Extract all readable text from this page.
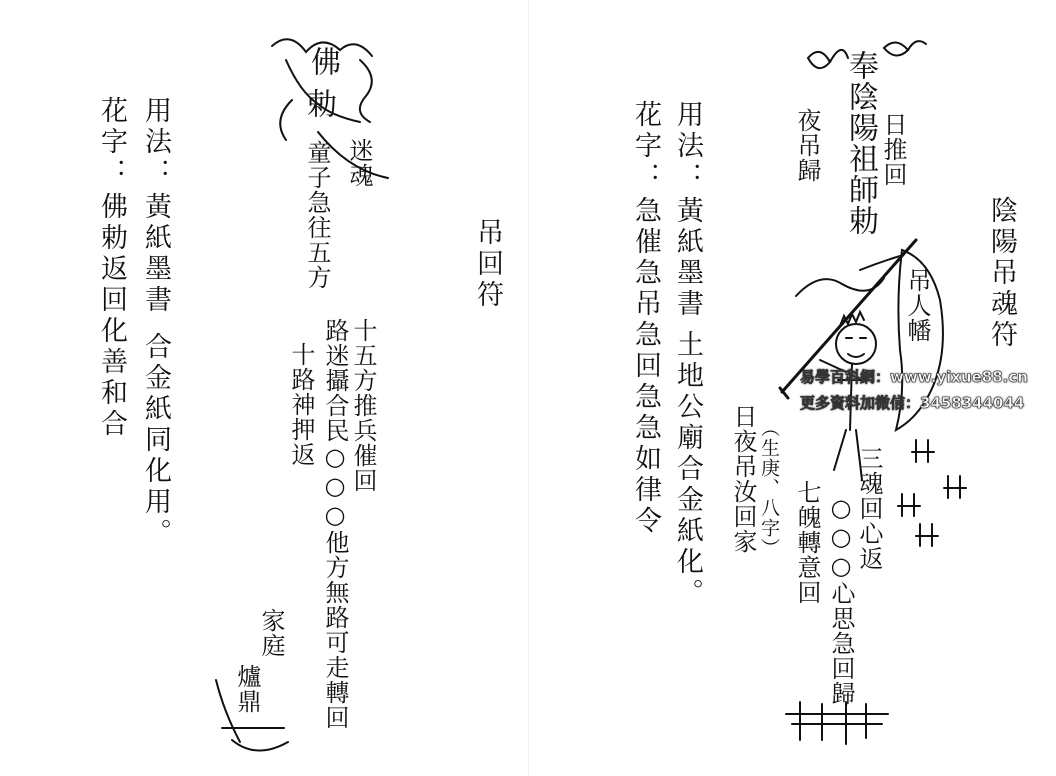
花字：
佛勅返回化善和合
用法：
黃紙墨書
合金紙同化用。
吊回符
佛
勅
迷魂
童子急往五方
路迷攝合民○○○他方無路可走轉回 十五方推兵催回
十路神押返
家庭
爐鼎
花字：
急催急吊急回急急如律令
用法：
黃紙墨書
土地公廟合金紙化。
陰陽吊魂符
奉陰陽祖師勅 日推回
夜吊歸
吊人幡
三魂回心返
七魄轉意回 ○○○心思急回歸
（生庚、八字）
日夜吊汝回家
易學百科網：www.yixue88.cn
更多資料加微信：3458344044
